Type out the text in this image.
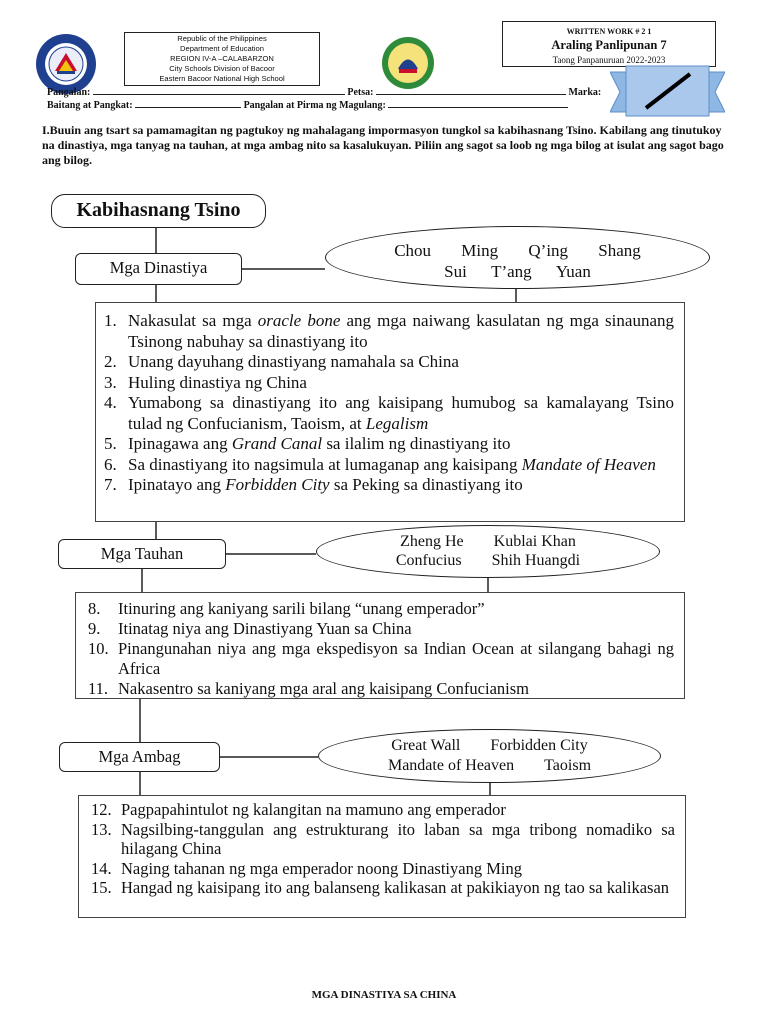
Republic of the Philippines
Department of Education
REGION IV-A –CALABARZON
City Schools Division of Bacoor
Eastern Bacoor National High School
WRITTEN WORK # 2 1
Araling Panlipunan 7
Taong Panpanuruan 2022-2023
Pangalan:	Petsa:	Marka:
Baitang at Pangkat:	Pangalan at Pirma ng Magulang:
I.Buuin ang tsart sa pamamagitan ng pagtukoy ng mahalagang impormasyon tungkol sa kabihasnang Tsino. Kabilang ang tinutukoy na dinastiya, mga tanyag na tauhan, at mga ambag nito sa kasalukuyan. Piliin ang sagot sa loob ng mga bilog at isulat ang sagot bago ang bilog.
Kabihasnang Tsino
Mga Dinastiya
Chou Ming Q’ing Shang
Sui T’ang Yuan
1. Nakasulat sa mga oracle bone ang mga naiwang kasulatan ng mga sinaunang Tsinong nabuhay sa dinastiyang ito
2. Unang dayuhang dinastiyang namahala sa China
3. Huling dinastiya ng China
4. Yumabong sa dinastiyang ito ang kaisipang humubog sa kamalayang Tsino tulad ng Confucianism, Taoism, at Legalism
5. Ipinagawa ang Grand Canal sa ilalim ng dinastiyang ito
6. Sa dinastiyang ito nagsimula at lumaganap ang kaisipang Mandate of Heaven
7. Ipinatayo ang Forbidden City sa Peking sa dinastiyang ito
Mga Tauhan
Zheng He Kublai Khan
Confucius Shih Huangdi
8.	Itinuring ang kaniyang sarili bilang “unang emperador”
9.	Itinatag niya ang Dinastiyang Yuan sa China
10. Pinangunahan niya ang mga ekspedisyon sa Indian Ocean at silangang bahagi ng Africa
11. Nakasentro sa kaniyang mga aral ang kaisipang Confucianism
Mga Ambag
Great Wall Forbidden City
Mandate of Heaven Taoism
12. Pagpapahintulot ng kalangitan na mamuno ang emperador
13. Nagsilbing-tanggulan ang estrukturang ito laban sa mga tribong nomadiko sa hilagang China
14. Naging tahanan ng mga emperador noong Dinastiyang Ming
15. Hangad ng kaisipang ito ang balanseng kalikasan at pakikiayon ng tao sa kalikasan
MGA DINASTIYA SA CHINA
